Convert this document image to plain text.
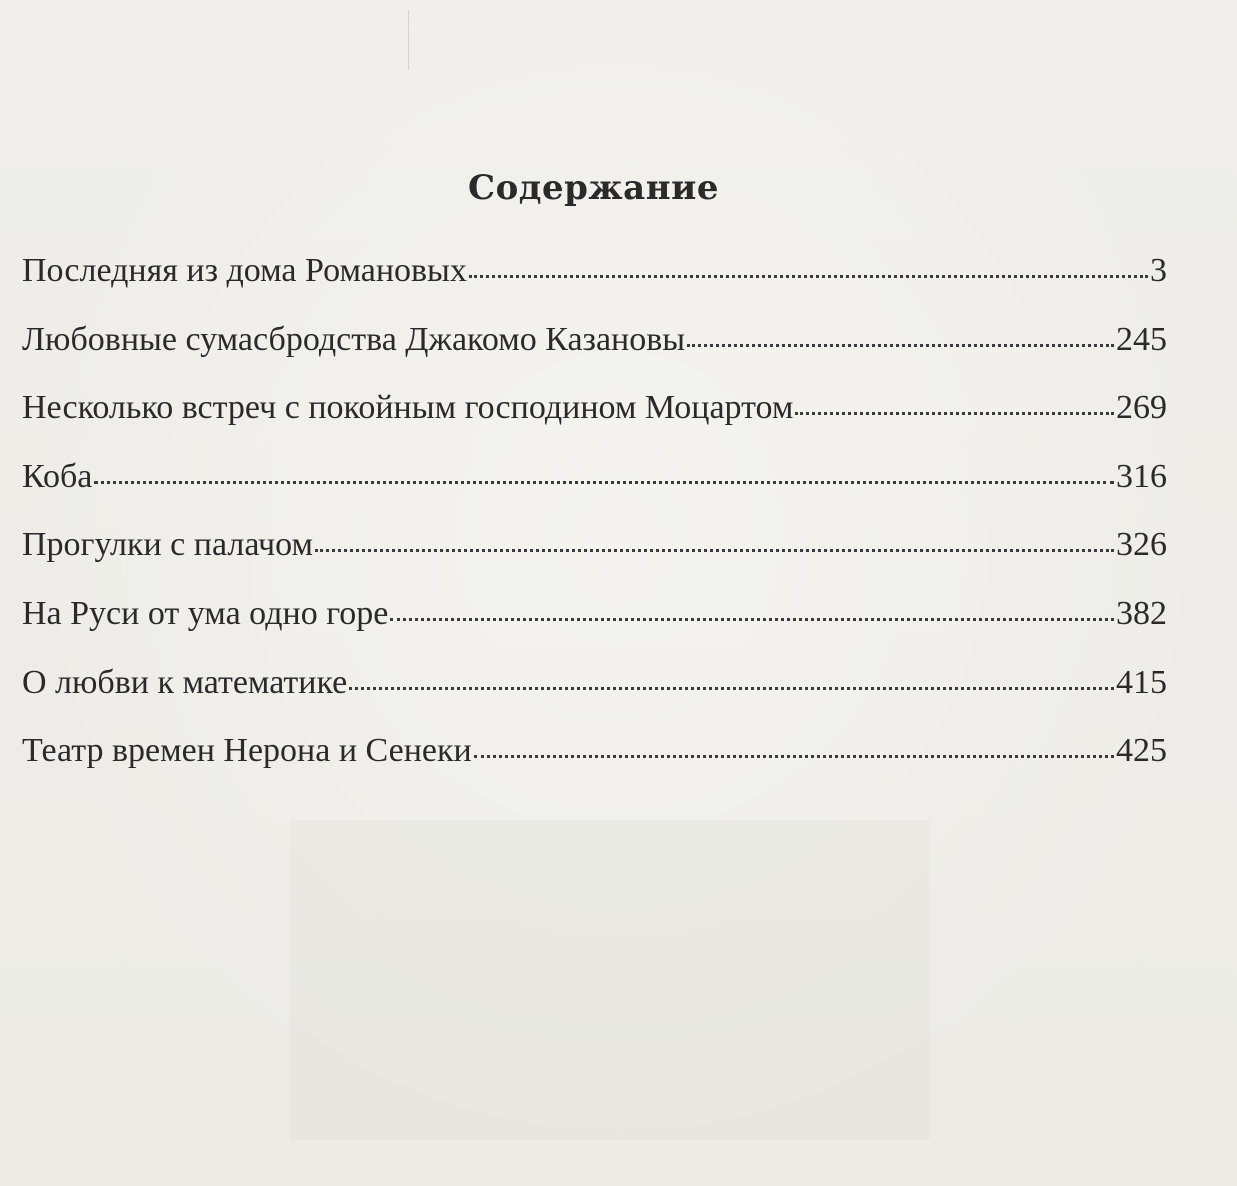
Содержание
Последняя из дома Романовых	3
Любовные сумасбродства Джакомо Казановы	245
Несколько встреч с покойным господином Моцартом	269
Коба	316
Прогулки с палачом	326
На Руси от ума одно горе	382
О любви к математике	415
Театр времен Нерона и Сенеки	425
